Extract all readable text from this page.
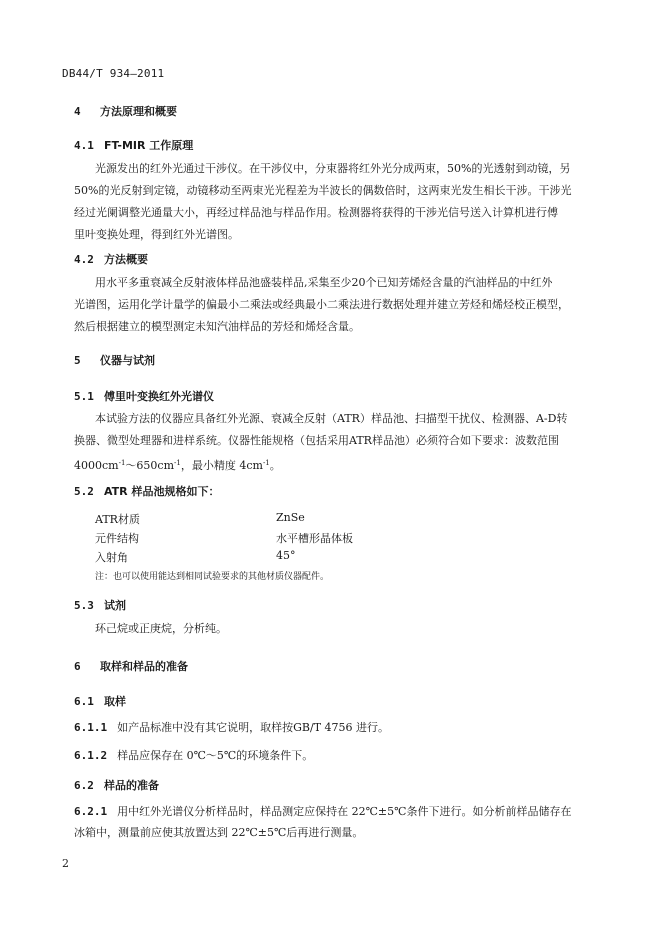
DB44/T 934—2011
4 方法原理和概要
4.1 FT-MIR 工作原理
光源发出的红外光通过干涉仪。在干涉仪中，分束器将红外光分成两束，50%的光透射到动镜，另
50%的光反射到定镜，动镜移动至两束光光程差为半波长的偶数倍时，这两束光发生相长干涉。干涉光
经过光阑调整光通量大小，再经过样品池与样品作用。检测器将获得的干涉光信号送入计算机进行傅
里叶变换处理，得到红外光谱图。
4.2 方法概要
用水平多重衰减全反射液体样品池盛装样品,采集至少20个已知芳烯烃含量的汽油样品的中红外
光谱图，运用化学计量学的偏最小二乘法或经典最小二乘法进行数据处理并建立芳烃和烯烃校正模型，
然后根据建立的模型测定未知汽油样品的芳烃和烯烃含量。
5 仪器与试剂
5.1 傅里叶变换红外光谱仪
本试验方法的仪器应具备红外光源、衰减全反射（ATR）样品池、扫描型干扰仪、检测器、A-D转
换器、微型处理器和进样系统。仪器性能规格（包括采用ATR样品池）必须符合如下要求：波数范围
$4000cm^{-1}\sim 650cm^{-1}$，最小精度 $4cm^{-1}$。
5.2 ATR 样品池规格如下：
ATR材质	ZnSe
元件结构	水平槽形晶体板
入射角	45°
注：也可以使用能达到相同试验要求的其他材质仪器配件。
5.3 试剂
环己烷或正庚烷，分析纯。
6 取样和样品的准备
6.1 取样
6.1.1 如产品标准中没有其它说明，取样按GB/T 4756 进行。
6.1.2 样品应保存在 0℃～5℃的环境条件下。
6.2 样品的准备
6.2.1 用中红外光谱仪分析样品时，样品测定应保持在 22℃±5℃条件下进行。如分析前样品储存在
冰箱中，测量前应使其放置达到 22℃±5℃后再进行测量。
2
